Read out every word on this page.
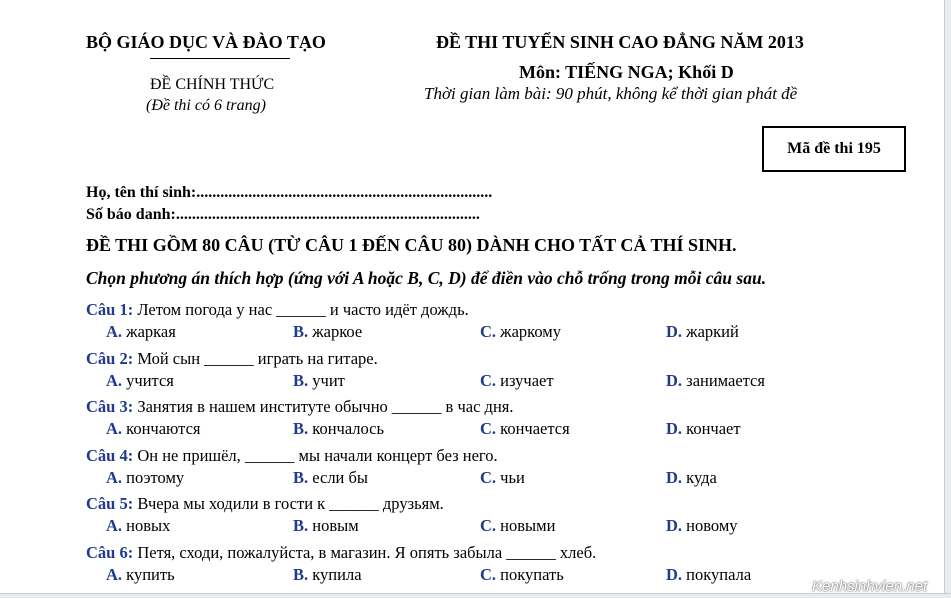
BỘ GIÁO DỤC VÀ ĐÀO TẠO
ĐỀ CHÍNH THỨC
(Đề thi có 6 trang)
ĐỀ THI TUYỂN SINH CAO ĐẲNG NĂM 2013
Môn: TIẾNG NGA; Khối D
Thời gian làm bài: 90 phút, không kể thời gian phát đề
Mã đề thi 195
Họ, tên thí sinh:..........................................................................
Số báo danh:............................................................................
ĐỀ THI GỒM 80 CÂU (TỪ CÂU 1 ĐẾN CÂU 80) DÀNH CHO TẤT CẢ THÍ SINH.
Chọn phương án thích hợp (ứng với A hoặc B, C, D) để điền vào chỗ trống trong mỗi câu sau.
Câu 1: Летом погода у нас ______ и часто идёт дождь.
A. жаркая	B. жаркое	C. жаркому	D. жаркий
Câu 2: Мой сын ______ играть на гитаре.
A. учится	B. учит	C. изучает	D. занимается
Câu 3: Занятия в нашем институте обычно ______ в час дня.
A. кончаются	B. кончалось	C. кончается	D. кончает
Câu 4: Он не пришёл, ______ мы начали концерт без него.
A. поэтому	B. если бы	C. чьи	D. куда
Câu 5: Вчера мы ходили в гости к ______ друзьям.
A. новых	B. новым	C. новыми	D. новому
Câu 6: Петя, сходи, пожалуйста, в магазин. Я опять забыла ______ хлеб.
A. купить	B. купила	C. покупать	D. покупала
Kenhsinhvien.net
